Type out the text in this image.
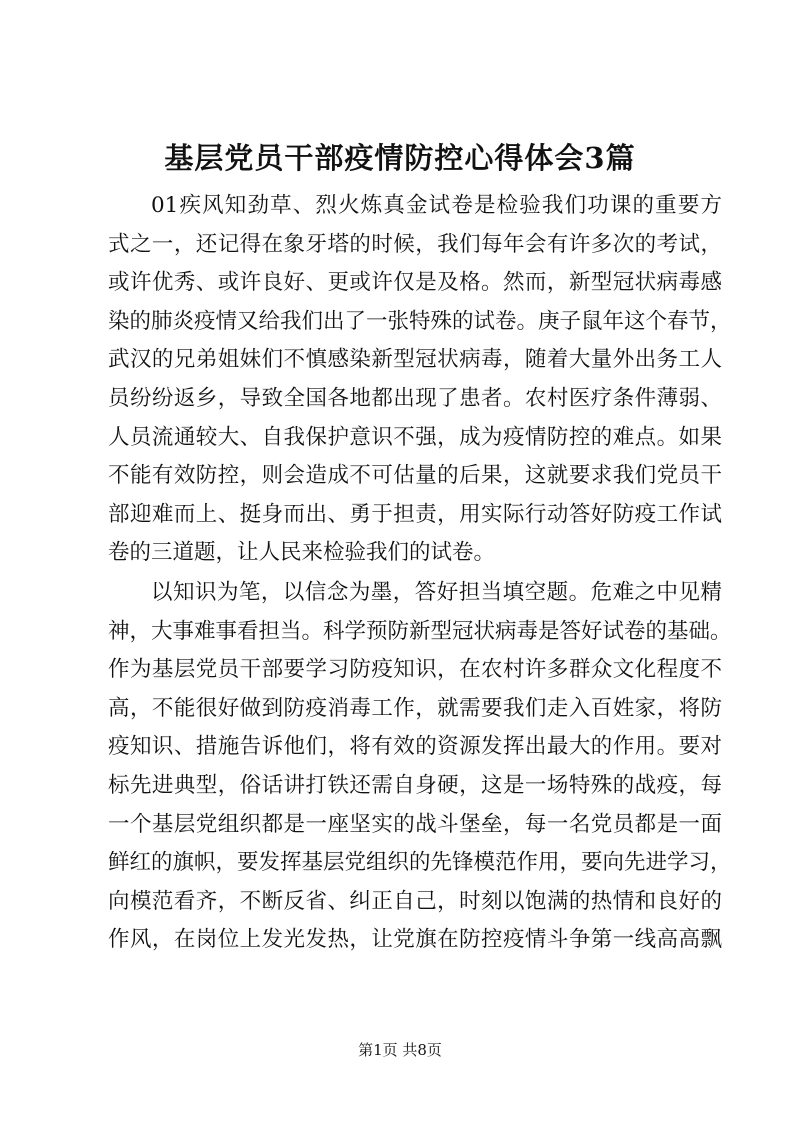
基层党员干部疫情防控心得体会3篇
01疾风知劲草、烈火炼真金试卷是检验我们功课的重要方
式之一，还记得在象牙塔的时候，我们每年会有许多次的考试，
或许优秀、或许良好、更或许仅是及格。然而，新型冠状病毒感
染的肺炎疫情又给我们出了一张特殊的试卷。庚子鼠年这个春节，
武汉的兄弟姐妹们不慎感染新型冠状病毒，随着大量外出务工人
员纷纷返乡，导致全国各地都出现了患者。农村医疗条件薄弱、
人员流通较大、自我保护意识不强，成为疫情防控的难点。如果
不能有效防控，则会造成不可估量的后果，这就要求我们党员干
部迎难而上、挺身而出、勇于担责，用实际行动答好防疫工作试
卷的三道题，让人民来检验我们的试卷。
以知识为笔，以信念为墨，答好担当填空题。危难之中见精
神，大事难事看担当。科学预防新型冠状病毒是答好试卷的基础。
作为基层党员干部要学习防疫知识，在农村许多群众文化程度不
高，不能很好做到防疫消毒工作，就需要我们走入百姓家，将防
疫知识、措施告诉他们，将有效的资源发挥出最大的作用。要对
标先进典型，俗话讲打铁还需自身硬，这是一场特殊的战疫，每
一个基层党组织都是一座坚实的战斗堡垒，每一名党员都是一面
鲜红的旗帜，要发挥基层党组织的先锋模范作用，要向先进学习，
向模范看齐，不断反省、纠正自己，时刻以饱满的热情和良好的
作风，在岗位上发光发热，让党旗在防控疫情斗争第一线高高飘
第1页 共8页
